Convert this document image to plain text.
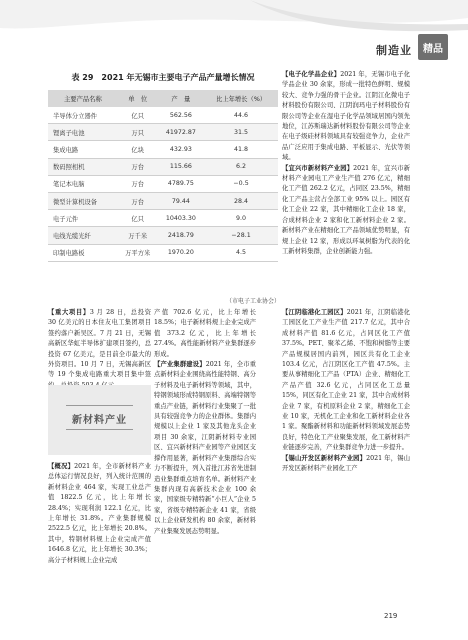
制造业	精品
表 29　2021 年无锡市主要电子产品产量增长情况
主要产品名称	单　位	产　量	比上年增长（%）
半导体分立器件	亿只	562.56	44.6
锂离子电池	万只	41972.87	31.5
集成电路	亿块	432.93	41.8
数码照相机	万台	115.66	6.2
笔记本电脑	万台	4789.75	−0.5
微型计算机设备	万台	79.44	28.4
电子元件	亿只	10403.30	9.0
电线光缆光纤	万千米	2418.79	−28.1
印制电路板	万平方米	1970.20	4.5
（市电子工业协会）

【重大项目】3 月 28 日，总投资 30 亿美元的日本住友电工集团项目签约落户新吴区。7 月 21 日，无锡高新区华虹半导体扩建项目签约，总投资 67 亿美元，是目前全市最大的外资项目。10 月 7 日，无锡高新区等 19 个集成电路重大项目集中签

新材料产业

【概况】2021 年，全市新材料产业总体运行情况良好，列入统计范围的新材料企业 464 家，实现工业总产值 1822.5 亿元，比上年增长 28.4%；实现利润 122.1 亿元，比上年增长 31.8%。产业集群规模 2522.5 亿元，比上年增长 20.8%。其中，特钢材料规上企业完成产值 1646.8 亿元，比上年增长 30.3%；高分子材料规上企业完成

产值 702.6 亿元，比上年增长 18.5%；电子新材料规上企业完成产值 373.2 亿元，比上年增长 27.4%。高性能新材料产业集群逐步形成。

【产业集群建设】2021 年，全市重点新材料企业围绕高性能特钢、高分子材料及电子新材料等领域，其中，特钢领域形成特钢原料、高端特钢等重点产业链，新材料行业集聚了一批具有较强竞争力的企业群体。集群内规模以上企业 1 家及其他龙头企业项目 30 余家，江阴新材料专业园区、宜兴新材料产业园等产业园区支撑作用显著，新材料产业集群综合实力不断提升，列入首批江苏省先进制造业集群重点培育名单。新材料产业集群内现有高新技术企业 100 余家，国家级专精特新“小巨人”企业 5 家，省级专精特新企业 41 家，省级以上企业研发机构 80 余家，新材料产业集聚发展态势明显。

【电子化学品企业】2021 年，无锡市电子化学品企业 30 余家，形成一批特色鲜明、规模较大、竞争力强的骨干企业。江阴江化微电子材料股份有限公司、江阴润玛电子材料股份有限公司等企业在湿电子化学品领域居国内领先地位，江苏斯瑞达新材料股份有限公司等企业在电子级硅材料领域具有较强竞争力，企业产品广泛应用于集成电路、平板显示、光伏等领域。

【宜兴市新材料产业园】2021 年，宜兴市新材料产业园电工产业生产值 276 亿元，精细化工产值 262.2 亿元，占同区 23.5%，精细化工产品主营占全部工业 95% 以上。园区有化工企业 22 家，其中精细化工企业 18 家，合成材料企业 2 家和化工新材料企业 2 家。新材料产业在精细化工产品领域优势明显，有规上企业 12 家，形成以环氧树脂为代表的化工新材料集群，企业创新能力强。

【江阴临港化工园区】2021 年，江阴临港化工园区化工产业生产值 217.7 亿元，其中合成材料产值 81.6 亿元，占同区化工产值 37.5%。PET、聚苯乙烯、不饱和树脂等主要产品规模居国内前列，园区共有化工企业 103.4 亿元，占江阴区化工产值 47.5%。主要从事精细化工产品（PTA）企业、精细化工产品产值 32.6 亿元，占同区化工总量 15%，同区有化工企业 21 家，其中合成材料企业 7 家，有机原料企业 2 家，精细化工企业 10 家，无机化工企业和化工新材料企业各 1 家。聚酯新材料和功能新材料领域发展态势良好，特色化工产业聚集发展，化工新材料产业链逐步完善，产业集群竞争力进一步提升。

【锡山开发区新材料产业园】2021 年，锡山开发区新材料产业园化工产

219
